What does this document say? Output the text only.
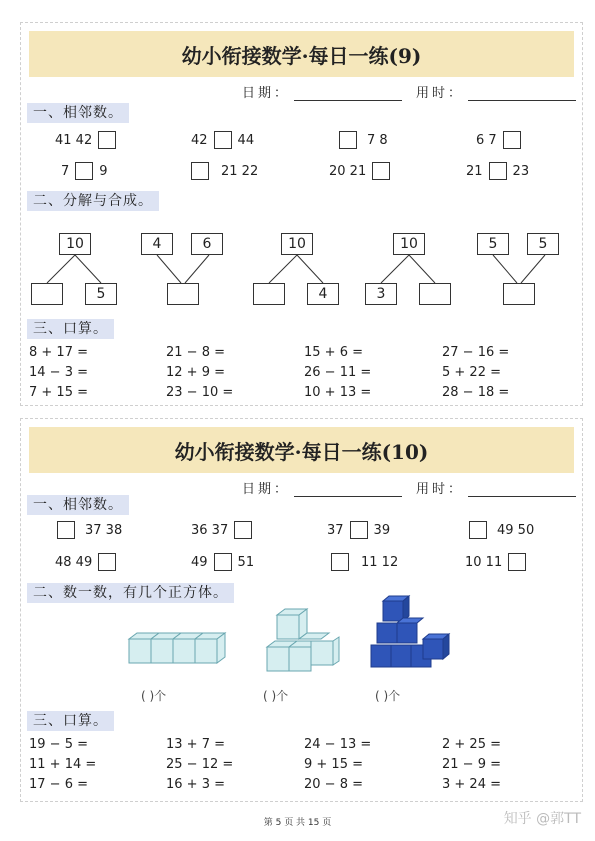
幼小衔接数学·每日一练(9)
日期：	用时：
一、相邻数。
41 42	42 44	7 8	6 7
7 9	21 22	20 21	21 23
二、分解与合成。
10
5
4	6	10
4
10
3
5	5
三、口算。
8 + 17 =	21 − 8 =	15 + 6 =	27 − 16 =
14 − 3 =	12 + 9 =	26 − 11 =	5 + 22 =
7 + 15 =	23 − 10 =	10 + 13 =	28 − 18 =
幼小衔接数学·每日一练(10)
日期：	用时：
一、相邻数。
37 38	36 37	37 39	49 50
48 49	49 51	11 12	10 11
二、数一数，有几个正方体。
( )个	( )个	( )个
三、口算。
19 − 5 =	13 + 7 =	24 − 13 =	2 + 25 =
11 + 14 =	25 − 12 =	9 + 15 =	21 − 9 =
17 − 6 =	16 + 3 =	20 − 8 =	3 + 24 =
第 5 页 共 15 页	知乎 @郭TT
